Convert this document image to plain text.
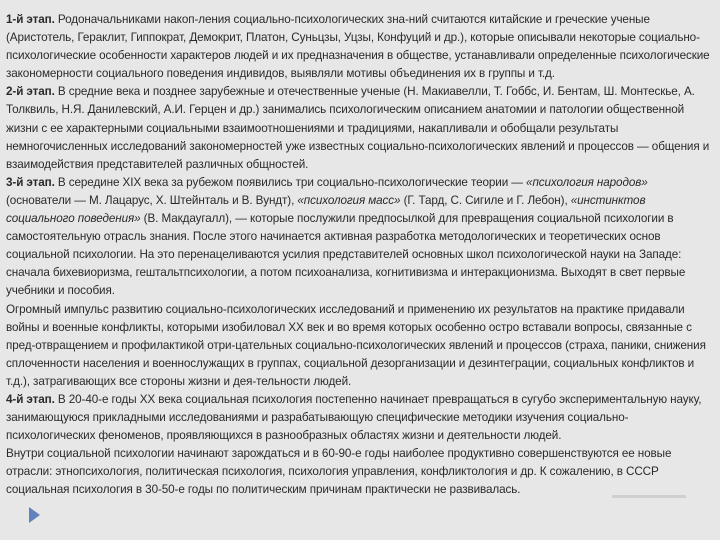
1-й этап. Родоначальниками накоп-ления социально-психологических зна-ний считаются китайские и греческие ученые (Аристотель, Гераклит, Гиппократ, Демокрит, Платон, Суньцзы, Уцзы, Конфуций и др.), которые описывали некоторые социально-психологические особенности характеров людей и их предназначения в обществе, устанавливали определенные психологические закономерности социального поведения индивидов, выявляли мотивы объединения их в группы и т.д.

2-й этап. В средние века и позднее зарубежные и отечественные ученые (Н. Макиавелли, Т. Гоббс, И. Бентам, Ш. Монтескье, А. Толквиль, Н.Я. Данилевский, А.И. Герцен и др.) занимались психологическим описанием анатомии и патологии общественной жизни с ее характерными социальными взаимоотношениями и традициями, накапливали и обобщали результаты немногочисленных исследований закономерностей уже известных социально-психологических явлений и процессов — общения и взаимодействия представителей различных общностей.

3-й этап. В середине XIX века за рубежом появились три социально-психологические теории — «психология народов» (основатели — М. Лацарус, X. Штейнталь и В. Вундт), «психология масс» (Г. Тард, С. Сигиле и Г. Лебон), «инстинктов социального поведения» (В. Макдаугалл), — которые послужили предпосылкой для превращения социальной психологии в самостоятельную отрасль знания. После этого начинается активная разработка методологических и теоретических основ социальной психологии. На это перенацеливаются усилия представителей основных школ психологической науки на Западе: сначала бихевиоризма, гештальтпсихологии, а потом психоанализа, когнитивизма и интеракционизма. Выходят в свет первые учебники и пособия.

Огромный импульс развитию социально-психологических исследований и применению их результатов на практике придавали войны и военные конфликты, которыми изобиловал XX век и во время которых особенно остро вставали вопросы, связанные с пред-отвращением и профилактикой отри-цательных социально-психологических явлений и процессов (страха, паники, снижения сплоченности населения и военнослужащих в группах, социальной дезорганизации и дезинтеграции, социальных конфликтов и т.д.), затрагивающих все стороны жизни и дея-тельности людей.

4-й этап. В 20-40-е годы XX века социальная психология постепенно начинает превращаться в сугубо экспериментальную науку, занимающуюся прикладными исследованиями и разрабатывающую специфические методики изучения социально-психологических феноменов, проявляющихся в разнообразных областях жизни и деятельности людей.

Внутри социальной психологии начинают зарождаться и в 60-90-е годы наиболее продуктивно совершенствуются ее новые отрасли: этнопсихология, политическая психология, психология управления, конфликтология и др. К сожалению, в СССР социальная психология в 30-50-е годы по политическим причинам практически не развивалась.
